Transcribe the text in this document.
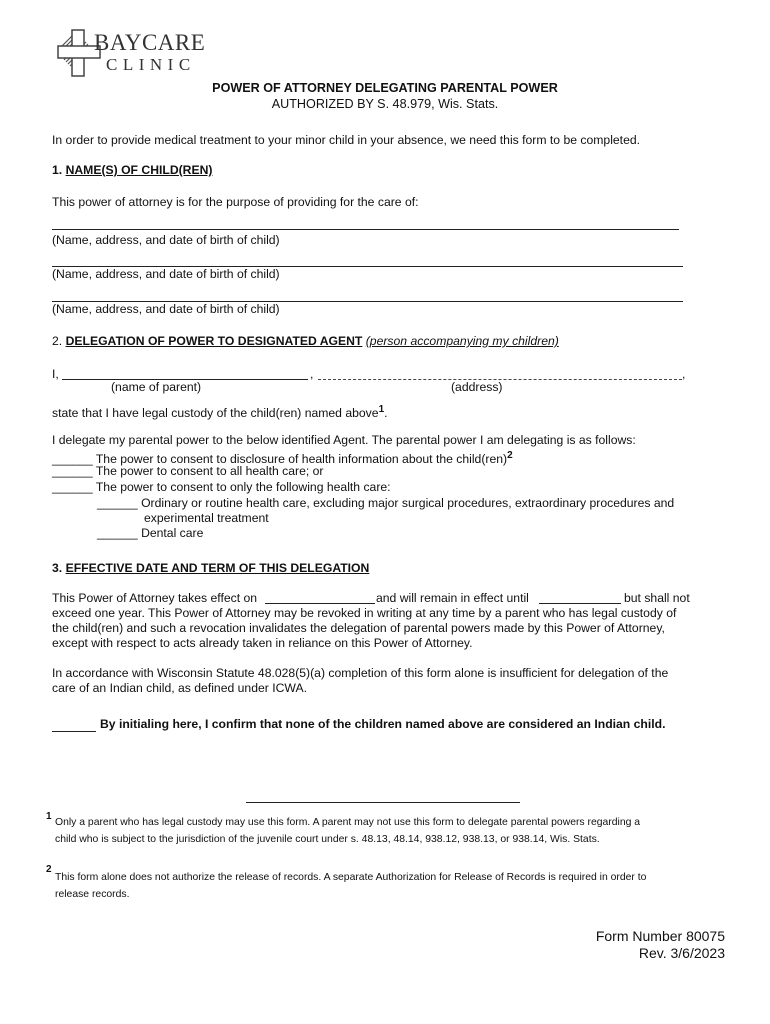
BAYCARE
CLINIC
POWER OF ATTORNEY DELEGATING PARENTAL POWER
AUTHORIZED BY S. 48.979, Wis. Stats.
In order to provide medical treatment to your minor child in your absence, we need this form to be completed.
1. NAME(S) OF CHILD(REN)
This power of attorney is for the purpose of providing for the care of:
(Name, address, and date of birth of child)
(Name, address, and date of birth of child)
(Name, address, and date of birth of child)
2. DELEGATION OF POWER TO DESIGNATED AGENT (person accompanying my children)
I,	,	,
(name of parent)	(address)
state that I have legal custody of the child(ren) named above$^1$.
I delegate my parental power to the below identified Agent. The parental power I am delegating is as follows:
______ The power to consent to disclosure of health information about the child(ren)$^2$
______ The power to consent to all health care; or
______ The power to consent to only the following health care:
______ Ordinary or routine health care, excluding major surgical procedures, extraordinary procedures and
experimental treatment
______ Dental care
3. EFFECTIVE DATE AND TERM OF THIS DELEGATION
This Power of Attorney takes effect on	and will remain in effect until	but shall not
exceed one year. This Power of Attorney may be revoked in writing at any time by a parent who has legal custody of
the child(ren) and such a revocation invalidates the delegation of parental powers made by this Power of Attorney,
except with respect to acts already taken in reliance on this Power of Attorney.
In accordance with Wisconsin Statute 48.028(5)(a) completion of this form alone is insufficient for delegation of the
care of an Indian child, as defined under ICWA.
By initialing here, I confirm that none of the children named above are considered an Indian child.
1
Only a parent who has legal custody may use this form. A parent may not use this form to delegate parental powers regarding a
child who is subject to the jurisdiction of the juvenile court under s. 48.13, 48.14, 938.12, 938.13, or 938.14, Wis. Stats.
2
This form alone does not authorize the release of records. A separate Authorization for Release of Records is required in order to
release records.
Form Number 80075
Rev. 3/6/2023
